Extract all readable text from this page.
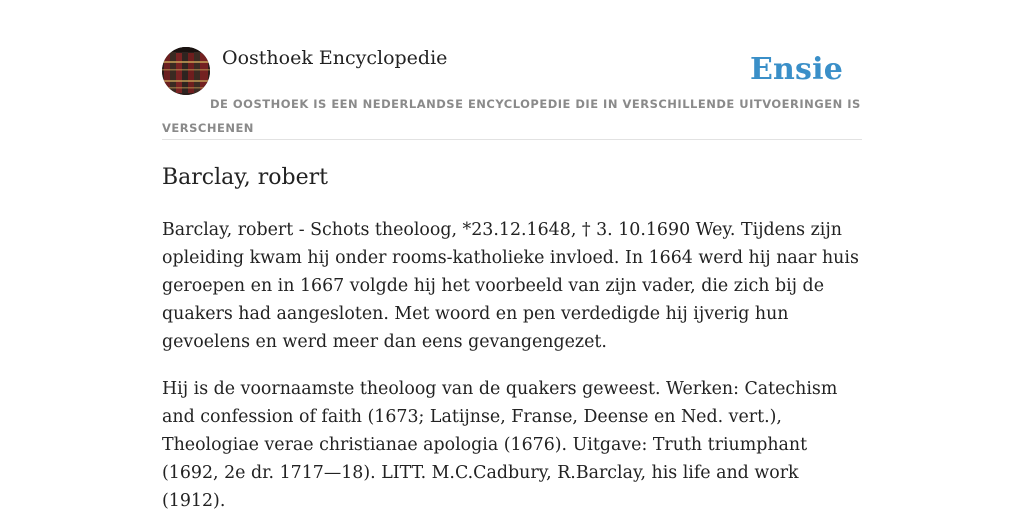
Oosthoek Encyclopedie	Ensie
DE OOSTHOEK IS EEN NEDERLANDSE ENCYCLOPEDIE DIE IN VERSCHILLENDE UITVOERINGEN IS VERSCHENEN
Barclay, robert

Barclay, robert - Schots theoloog, *23.12.1648, † 3. 10.1690 Wey. Tijdens zijn opleiding kwam hij onder rooms-katholieke invloed. In 1664 werd hij naar huis geroepen en in 1667 volgde hij het voorbeeld van zijn vader, die zich bij de quakers had aangesloten. Met woord en pen verdedigde hij ijverig hun gevoelens en werd meer dan eens gevangengezet.

Hij is de voornaamste theoloog van de quakers geweest. Werken: Catechism and confession of faith (1673; Latijnse, Franse, Deense en Ned. vert.), Theologiae verae christianae apologia (1676). Uitgave: Truth triumphant (1692, 2e dr. 1717—18). LITT. M.C.Cadbury, R.Barclay, his life and work (1912).
